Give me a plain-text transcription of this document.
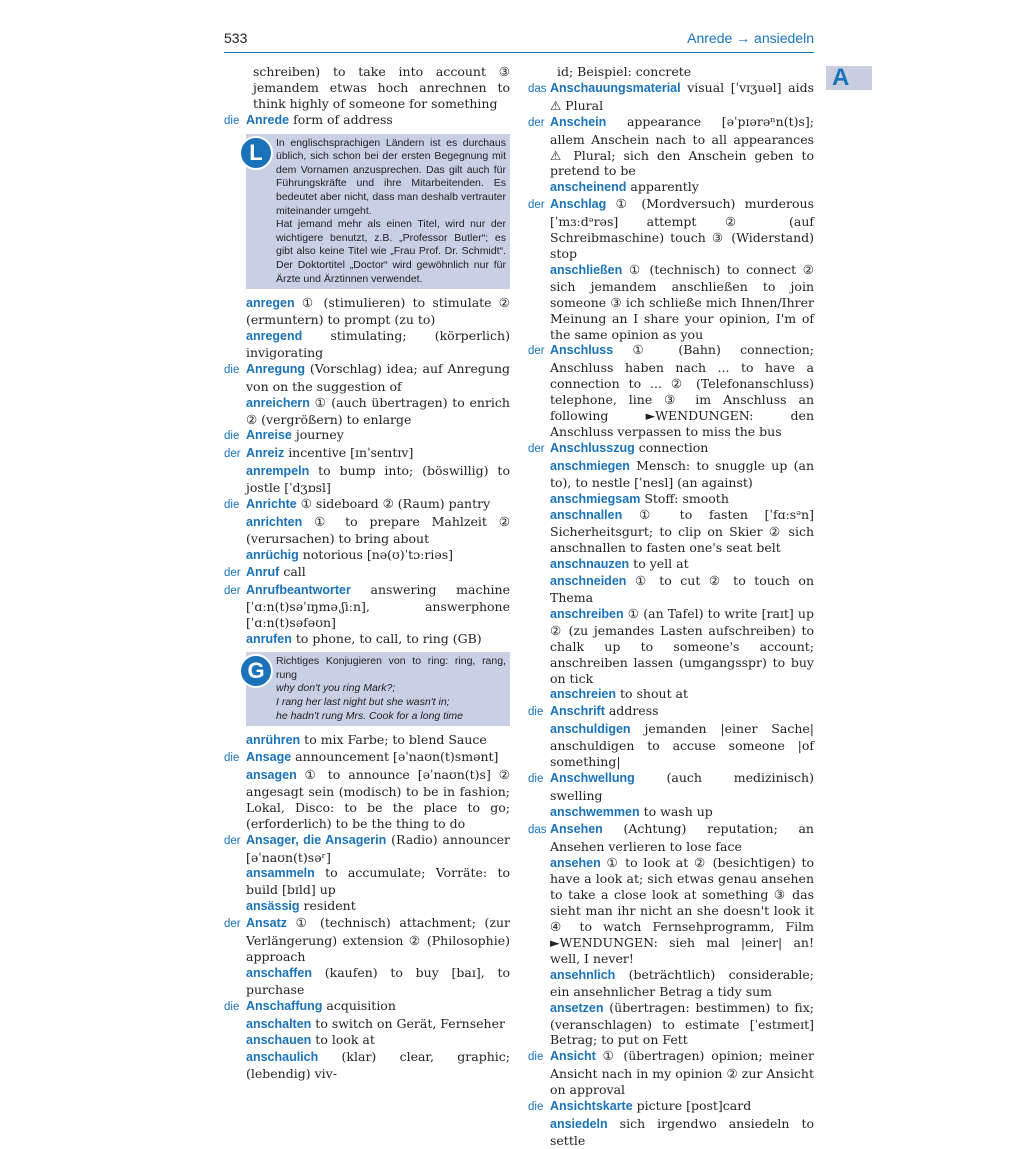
533	Anrede → ansiedeln
A

schreiben) to take into account ③ jemandem etwas hoch anrechnen to think highly of someone for something

die Anrede form of address

L	In englischsprachigen Ländern ist es durchaus üblich, sich schon bei der ersten Begegnung mit dem Vornamen anzusprechen. Das gilt auch für Führungskräfte und ihre Mitarbeitenden. Es bedeutet aber nicht, dass man deshalb vertrauter miteinander umgeht.

Hat jemand mehr als einen Titel, wird nur der wichtigere benutzt, z.B. „Professor Butler“; es gibt also keine Titel wie „Frau Prof. Dr. Schmidt“. Der Doktortitel „Doctor“ wird gewöhnlich nur für Ärzte und Ärztinnen verwendet.

anregen ① (stimulieren) to stimulate ② (ermuntern) to prompt (zu to)

anregend stimulating; (körperlich) invigorating

die Anregung (Vorschlag) idea; auf Anregung von on the suggestion of

anreichern ① (auch übertragen) to enrich ② (vergrößern) to enlarge

die Anreise journey

der Anreiz incentive [ɪnˈsentɪv]

anrempeln to bump into; (böswillig) to jostle [ˈdʒɒsl]

die Anrichte ① sideboard ② (Raum) pantry

anrichten ① to prepare Mahlzeit ② (verursachen) to bring about

anrüchig notorious [nə(ʊ)ˈtɔːriəs]

der Anruf call

der Anrufbeantworter answering machine [ˈɑːn(t)səˈɪŋməˌʃiːn], answerphone [ˈɑːn(t)səfəʊn]

anrufen to phone, to call, to ring (GB)

G	Richtiges Konjugieren von to ring: ring, rang, rung

why don't you ring Mark?;

I rang her last night but she wasn't in;

he hadn't rung Mrs. Cook for a long time

anrühren to mix Farbe; to blend Sauce

die Ansage announcement [əˈnaʊn(t)smənt]

ansagen ① to announce [əˈnaʊn(t)s] ② angesagt sein (modisch) to be in fashion; Lokal, Disco: to be the place to go; (erforderlich) to be the thing to do

der Ansager, die Ansagerin (Radio) announcer [əˈnaʊn(t)səʳ]

ansammeln to accumulate; Vorräte: to build [bɪld] up

ansässig resident

der Ansatz ① (technisch) attachment; (zur Verlängerung) extension ② (Philosophie) approach

anschaffen (kaufen) to buy [baɪ], to purchase

die Anschaffung acquisition

anschalten to switch on Gerät, Fernseher

anschauen to look at

anschaulich (klar) clear, graphic; (lebendig) viv-

id; Beispiel: concrete

das Anschauungsmaterial visual [ˈvɪʒuəl] aids ⚠ Plural

der Anschein appearance [əˈpɪərəⁿn(t)s]; allem Anschein nach to all appearances ⚠ Plural; sich den Anschein geben to pretend to be

anscheinend apparently

der Anschlag ① (Mordversuch) murderous [ˈmɜːdᵊrəs] attempt ② (auf Schreibmaschine) touch ③ (Widerstand) stop

anschließen ① (technisch) to connect ② sich jemandem anschließen to join someone ③ ich schließe mich Ihnen/Ihrer Meinung an I share your opinion, I'm of the same opinion as you

der Anschluss ① (Bahn) connection; Anschluss haben nach ... to have a connection to ... ② (Telefonanschluss) telephone, line ③ im Anschluss an following ►WENDUNGEN: den Anschluss verpassen to miss the bus

der Anschlusszug connection

anschmiegen Mensch: to snuggle up (an to), to nestle [ˈnesl] (an against)

anschmiegsam Stoff: smooth

anschnallen ① to fasten [ˈfɑːsᵊn] Sicherheitsgurt; to clip on Skier ② sich anschnallen to fasten one's seat belt

anschnauzen to yell at

anschneiden ① to cut ② to touch on Thema

anschreiben ① (an Tafel) to write [raɪt] up ② (zu jemandes Lasten aufschreiben) to chalk up to someone's account; anschreiben lassen (umgangsspr) to buy on tick

anschreien to shout at

die Anschrift address

anschuldigen jemanden |einer Sache| anschuldigen to accuse someone |of something|

die Anschwellung	(auch medizinisch) swelling

anschwemmen to wash up

das Ansehen (Achtung) reputation; an Ansehen verlieren to lose face

ansehen ① to look at ② (besichtigen) to have a look at; sich etwas genau ansehen to take a close look at something ③ das sieht man ihr nicht an she doesn't look it ④ to watch Fernsehprogramm, Film ►WENDUNGEN: sieh mal |einer| an! well, I never!

ansehnlich (beträchtlich) considerable; ein ansehnlicher Betrag a tidy sum

ansetzen (übertragen: bestimmen) to fix; (veranschlagen) to estimate [ˈestɪmeɪt] Betrag; to put on Fett

die Ansicht ① (übertragen) opinion; meiner Ansicht nach in my opinion ② zur Ansicht on approval

die Ansichtskarte picture [post]card

ansiedeln sich irgendwo ansiedeln to settle
